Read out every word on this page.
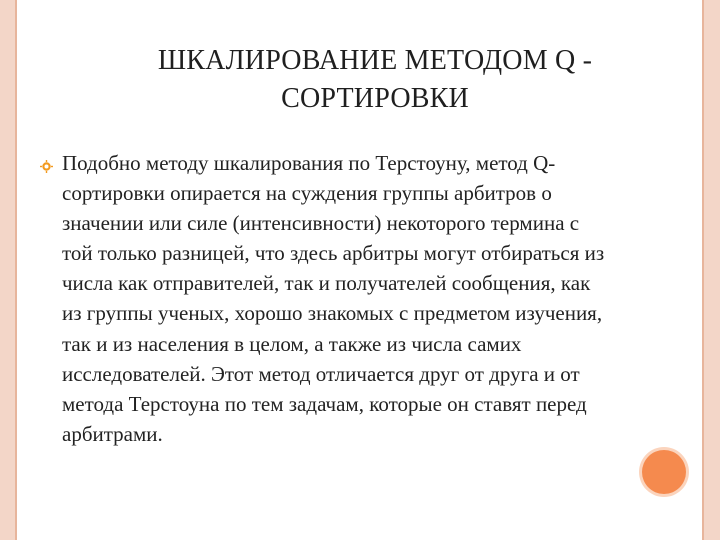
ШКАЛИРОВАНИЕ МЕТОДОМ Q -
СОРТИРОВКИ
Подобно методу шкалирования по Терстоуну, метод Q-
сортировки опирается на суждения группы арбитров о
значении или силе (интенсивности) некоторого термина с
той только разницей, что здесь арбитры могут отбираться из
числа как отправителей, так и получателей сообщения, как
из группы ученых, хорошо знакомых с предметом изучения,
так и из населения в целом, а также из числа самих
исследователей. Этот метод отличается друг от друга и от
метода Терстоуна по тем задачам, которые он ставят перед
арбитрами.
